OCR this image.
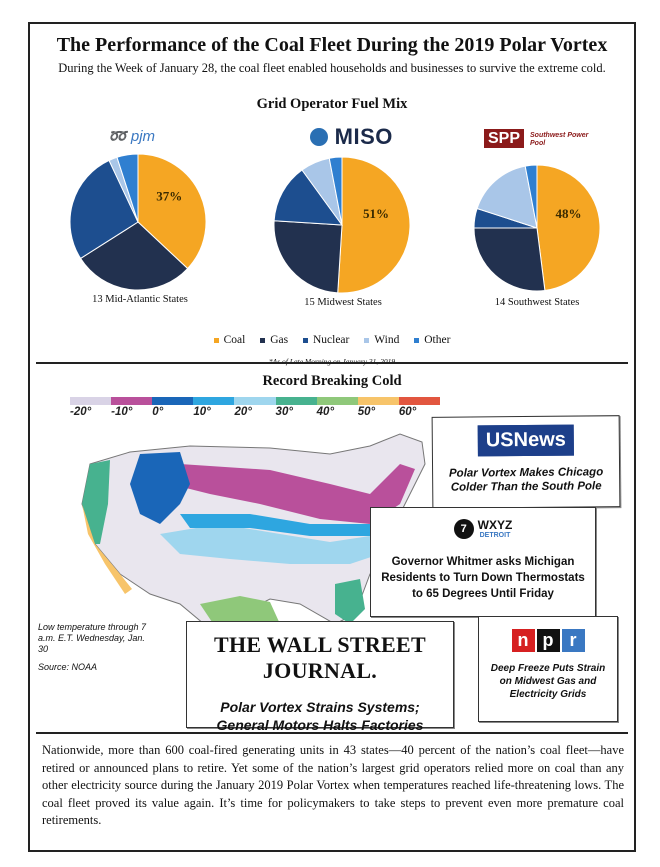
The Performance of the Coal Fleet During the 2019 Polar Vortex
During the Week of January 28, the coal fleet enabled households and businesses to survive the extreme cold.
Grid Operator Fuel Mix
➿ pjm	MISO	SPP Southwest Power Pool
37%
51%	48%
13 Mid-Atlantic States	15 Midwest States	14 Southwest States
Coal Gas Nuclear Wind Other
*As of Late Morning on January 31, 2019
Record Breaking Cold
-20°	-10°	0°	10°	20°	30°	40°	50°	60°
Low temperature through 7 a.m. E.T. Wednesday, Jan. 30
Source: NOAA
USNews
Polar Vortex Makes Chicago Colder Than the South Pole
7 WXYZ
DETROIT
Governor Whitmer asks Michigan Residents to Turn Down Thermostats to 65 Degrees Until Friday
THE WALL STREET JOURNAL.
Polar Vortex Strains Systems; General Motors Halts Factories
n p r
Deep Freeze Puts Strain on Midwest Gas and Electricity Grids
Nationwide, more than 600 coal-fired generating units in 43 states—40 percent of the nation’s coal fleet—have retired or announced plans to retire. Yet some of the nation’s largest grid operators relied more on coal than any other electricity source during the January 2019 Polar Vortex when temperatures reached life-threatening lows. The coal fleet proved its value again. It’s time for policymakers to take steps to prevent even more premature coal retirements.
